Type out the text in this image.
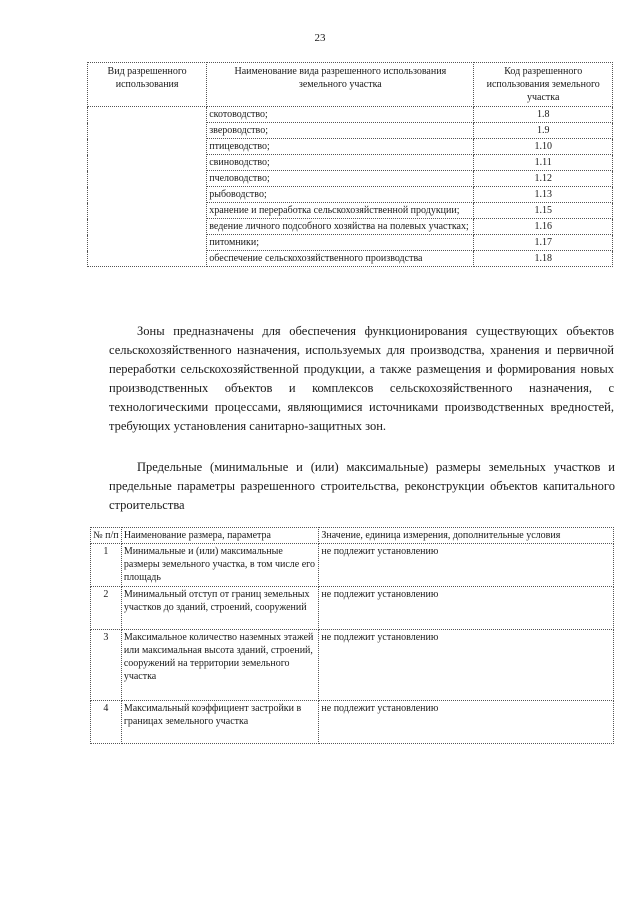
23
Вид разрешенного использования	Наименование вида разрешенного использования земельного участка	Код разрешенного использования земельного участка
	скотоводство;	1.8
	звероводство;	1.9
	птицеводство;	1.10
	свиноводство;	1.11
	пчеловодство;	1.12
	рыбоводство;	1.13
	хранение и переработка сельскохозяйственной продукции;	1.15
	ведение личного подсобного хозяйства на полевых участках;	1.16
	питомники;	1.17
	обеспечение сельскохозяйственного производства	1.18
Зоны предназначены для обеспечения функционирования существующих объектов сельскохозяйственного назначения, используемых для производства, хранения и первичной переработки сельскохозяйственной продукции, а также размещения и формирования новых производственных объектов и комплексов сельскохозяйственного назначения, с технологическими процессами, являющимися источниками производственных вредностей, требующих установления санитарно-защитных зон.
Предельные (минимальные и (или) максимальные) размеры земельных участков и предельные параметры разрешенного строительства, реконструкции объектов капитального строительства
№ п/п	Наименование размера, параметра	Значение, единица измерения, дополнительные условия
1	Минимальные и (или) максимальные размеры земельного участка, в том числе его площадь	не подлежит установлению
2	Минимальный отступ от границ земельных участков до зданий, строений, сооружений	не подлежит установлению
3	Максимальное количество наземных этажей или максимальная высота зданий, строений, сооружений на территории земельного участка	не подлежит установлению
4	Максимальный коэффициент застройки в границах земельного участка	не подлежит установлению
